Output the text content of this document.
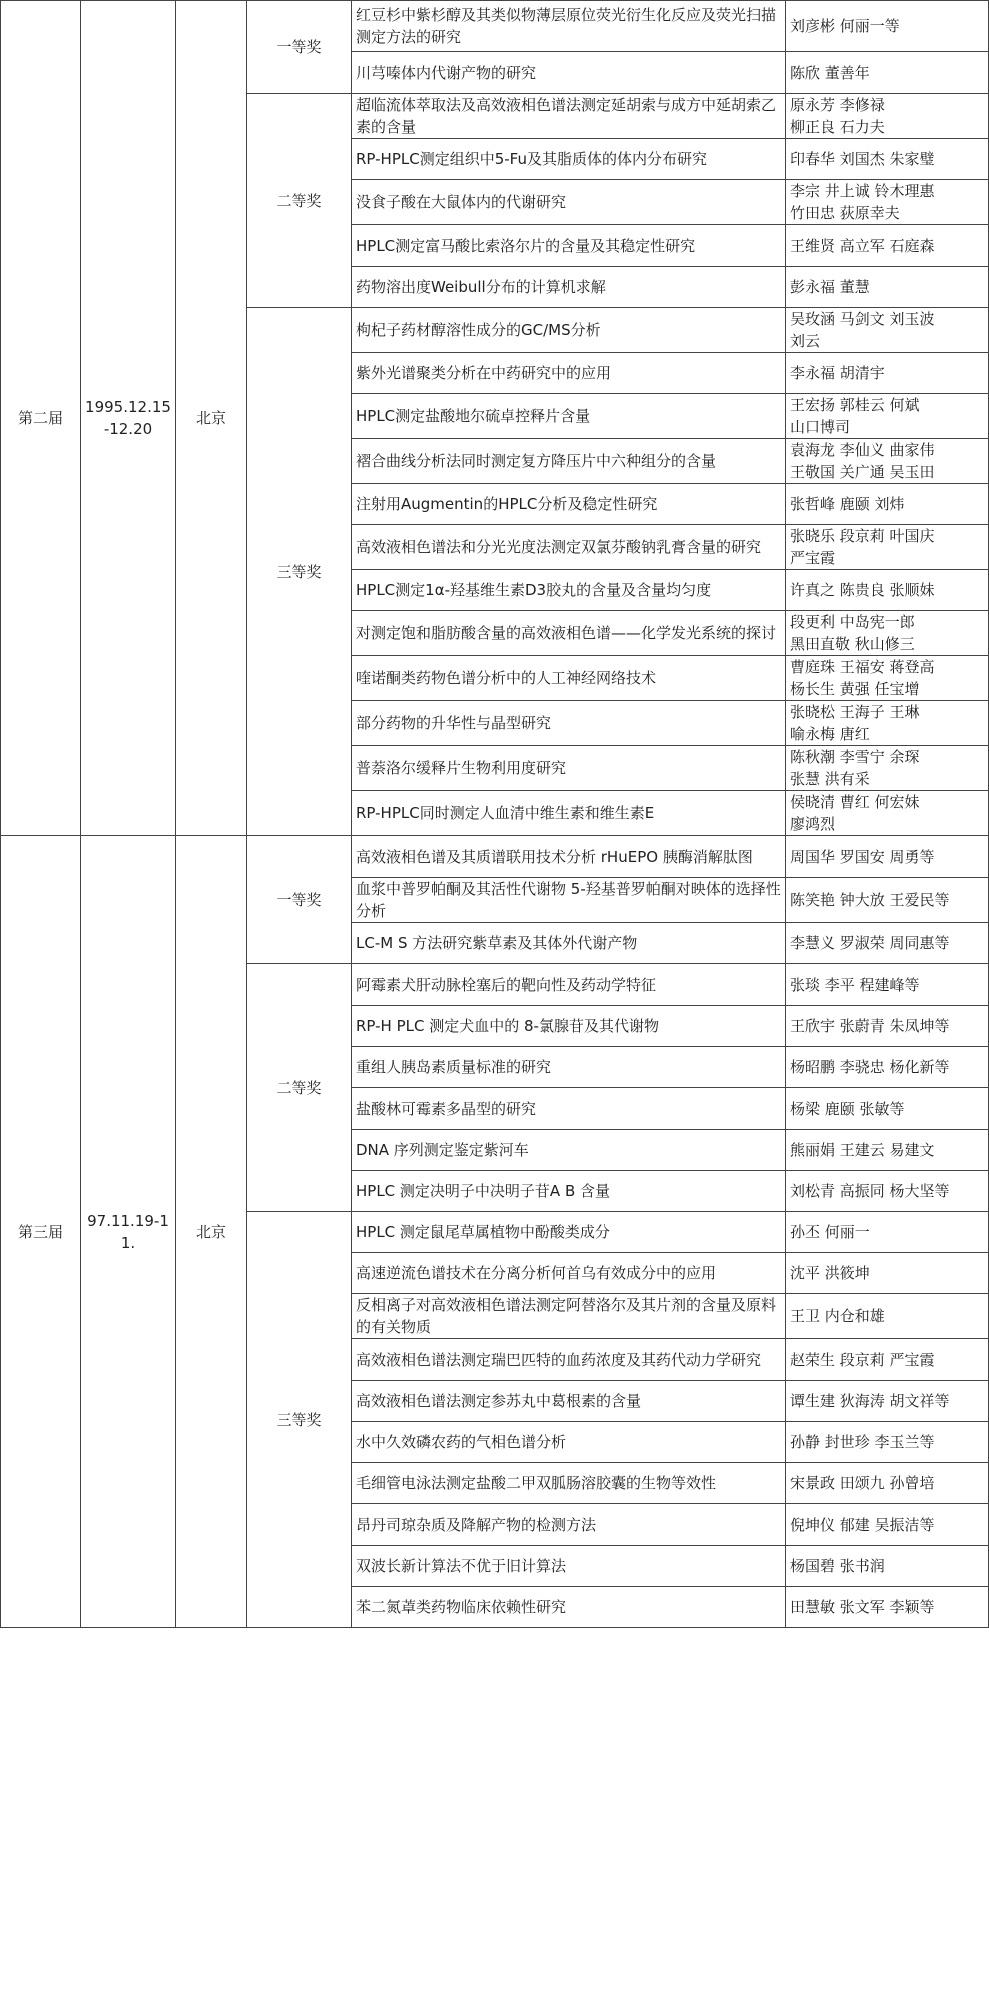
第二届	1995.12.15
-12.20	北京	一等奖	红豆杉中紫杉醇及其类似物薄层原位荧光衍生化反应及荧光扫描测定方法的研究	刘彦彬 何丽一等
				川芎嗪体内代谢产物的研究	陈欣 董善年
			二等奖	超临流体萃取法及高效液相色谱法测定延胡索与成方中延胡索乙素的含量	原永芳 李修禄
柳正良 石力夫
				RP-HPLC测定组织中5-Fu及其脂质体的体内分布研究	印春华 刘国杰 朱家璧
				没食子酸在大鼠体内的代谢研究	李宗 井上诚 铃木理惠
竹田忠 荻原幸夫
				HPLC测定富马酸比索洛尔片的含量及其稳定性研究	王维贤 高立军 石庭森
				药物溶出度Weibull分布的计算机求解	彭永福 董慧
			三等奖	枸杞子药材醇溶性成分的GC/MS分析	吴玫涵 马剑文 刘玉波
刘云
				紫外光谱聚类分析在中药研究中的应用	李永福 胡清宇
				HPLC测定盐酸地尔硫卓控释片含量	王宏扬 郭桂云 何斌
山口博司
				褶合曲线分析法同时测定复方降压片中六种组分的含量	袁海龙 李仙义 曲家伟
王敬国 关广通 吴玉田
				注射用Augmentin的HPLC分析及稳定性研究	张哲峰 鹿颐 刘炜
				高效液相色谱法和分光光度法测定双氯芬酸钠乳膏含量的研究	张晓乐 段京莉 叶国庆
严宝霞
				HPLC测定1α-羟基维生素D3胶丸的含量及含量均匀度	许真之 陈贵良 张顺妹
				对测定饱和脂肪酸含量的高效液相色谱——化学发光系统的探讨	段更利 中岛宪一郎
黑田直敬 秋山修三
				喹诺酮类药物色谱分析中的人工神经网络技术	曹庭珠 王福安 蒋登高
杨长生 黄强 任宝增
				部分药物的升华性与晶型研究	张晓松 王海子 王琳
喻永梅 唐红
				普萘洛尔缓释片生物利用度研究	陈秋潮 李雪宁 余琛
张慧 洪有采
				RP-HPLC同时测定人血清中维生素和维生素E	侯晓清 曹红 何宏妹
廖鸿烈
第三届	97.11.19-11.	北京	一等奖	高效液相色谱及其质谱联用技术分析 rHuEPO 胰酶消解肽图	周国华 罗国安 周勇等
				血浆中普罗帕酮及其活性代谢物 5-羟基普罗帕酮对映体的选择性分析	陈笑艳 钟大放 王爱民等
				LC-M S 方法研究紫草素及其体外代谢产物	李慧义 罗淑荣 周同惠等
			二等奖	阿霉素犬肝动脉栓塞后的靶向性及药动学特征	张琰 李平 程建峰等
				RP-H PLC 测定犬血中的 8-氯腺苷及其代谢物	王欣宇 张蔚青 朱凤坤等
				重组人胰岛素质量标准的研究	杨昭鹏 李骁忠 杨化新等
				盐酸林可霉素多晶型的研究	杨梁 鹿颐 张敏等
				DNA 序列测定鉴定紫河车	熊丽娟 王建云 易建文
				HPLC 测定决明子中决明子苷A B 含量	刘松青 高振同 杨大坚等
			三等奖	HPLC 测定鼠尾草属植物中酚酸类成分	孙丕 何丽一
				高速逆流色谱技术在分离分析何首乌有效成分中的应用	沈平 洪筱坤
				反相离子对高效液相色谱法测定阿替洛尔及其片剂的含量及原料的有关物质	王卫 内仓和雄
				高效液相色谱法测定瑞巴匹特的血药浓度及其药代动力学研究	赵荣生 段京莉 严宝霞
				高效液相色谱法测定参苏丸中葛根素的含量	谭生建 狄海涛 胡文祥等
				水中久效磷农药的气相色谱分析	孙静 封世珍 李玉兰等
				毛细管电泳法测定盐酸二甲双胍肠溶胶囊的生物等效性	宋景政 田颂九 孙曾培
				昂丹司琼杂质及降解产物的检测方法	倪坤仪 郁建 吴振洁等
				双波长新计算法不优于旧计算法	杨国碧 张书润
				苯二氮䓬类药物临床依赖性研究	田慧敏 张文军 李颖等
